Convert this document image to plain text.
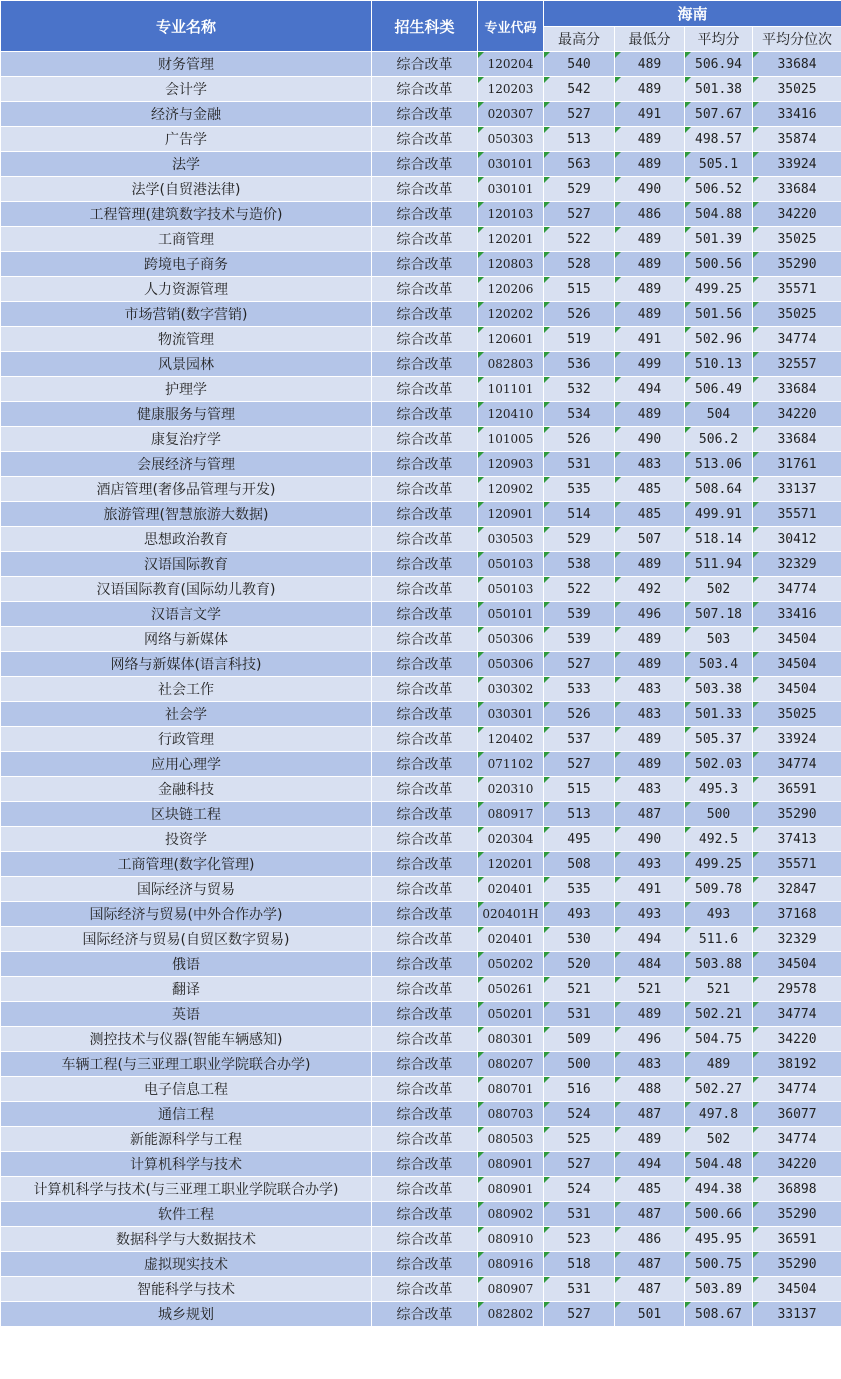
专业名称	招生科类	专业代码	海南			
			最高分	最低分	平均分	平均分位次
财务管理	综合改革	120204	540	489	506.94	33684
会计学	综合改革	120203	542	489	501.38	35025
经济与金融	综合改革	020307	527	491	507.67	33416
广告学	综合改革	050303	513	489	498.57	35874
法学	综合改革	030101	563	489	505.1	33924
法学(自贸港法律)	综合改革	030101	529	490	506.52	33684
工程管理(建筑数字技术与造价)	综合改革	120103	527	486	504.88	34220
工商管理	综合改革	120201	522	489	501.39	35025
跨境电子商务	综合改革	120803	528	489	500.56	35290
人力资源管理	综合改革	120206	515	489	499.25	35571
市场营销(数字营销)	综合改革	120202	526	489	501.56	35025
物流管理	综合改革	120601	519	491	502.96	34774
风景园林	综合改革	082803	536	499	510.13	32557
护理学	综合改革	101101	532	494	506.49	33684
健康服务与管理	综合改革	120410	534	489	504	34220
康复治疗学	综合改革	101005	526	490	506.2	33684
会展经济与管理	综合改革	120903	531	483	513.06	31761
酒店管理(奢侈品管理与开发)	综合改革	120902	535	485	508.64	33137
旅游管理(智慧旅游大数据)	综合改革	120901	514	485	499.91	35571
思想政治教育	综合改革	030503	529	507	518.14	30412
汉语国际教育	综合改革	050103	538	489	511.94	32329
汉语国际教育(国际幼儿教育)	综合改革	050103	522	492	502	34774
汉语言文学	综合改革	050101	539	496	507.18	33416
网络与新媒体	综合改革	050306	539	489	503	34504
网络与新媒体(语言科技)	综合改革	050306	527	489	503.4	34504
社会工作	综合改革	030302	533	483	503.38	34504
社会学	综合改革	030301	526	483	501.33	35025
行政管理	综合改革	120402	537	489	505.37	33924
应用心理学	综合改革	071102	527	489	502.03	34774
金融科技	综合改革	020310	515	483	495.3	36591
区块链工程	综合改革	080917	513	487	500	35290
投资学	综合改革	020304	495	490	492.5	37413
工商管理(数字化管理)	综合改革	120201	508	493	499.25	35571
国际经济与贸易	综合改革	020401	535	491	509.78	32847
国际经济与贸易(中外合作办学)	综合改革	020401H	493	493	493	37168
国际经济与贸易(自贸区数字贸易)	综合改革	020401	530	494	511.6	32329
俄语	综合改革	050202	520	484	503.88	34504
翻译	综合改革	050261	521	521	521	29578
英语	综合改革	050201	531	489	502.21	34774
测控技术与仪器(智能车辆感知)	综合改革	080301	509	496	504.75	34220
车辆工程(与三亚理工职业学院联合办学)	综合改革	080207	500	483	489	38192
电子信息工程	综合改革	080701	516	488	502.27	34774
通信工程	综合改革	080703	524	487	497.8	36077
新能源科学与工程	综合改革	080503	525	489	502	34774
计算机科学与技术	综合改革	080901	527	494	504.48	34220
计算机科学与技术(与三亚理工职业学院联合办学)	综合改革	080901	524	485	494.38	36898
软件工程	综合改革	080902	531	487	500.66	35290
数据科学与大数据技术	综合改革	080910	523	486	495.95	36591
虚拟现实技术	综合改革	080916	518	487	500.75	35290
智能科学与技术	综合改革	080907	531	487	503.89	34504
城乡规划	综合改革	082802	527	501	508.67	33137
